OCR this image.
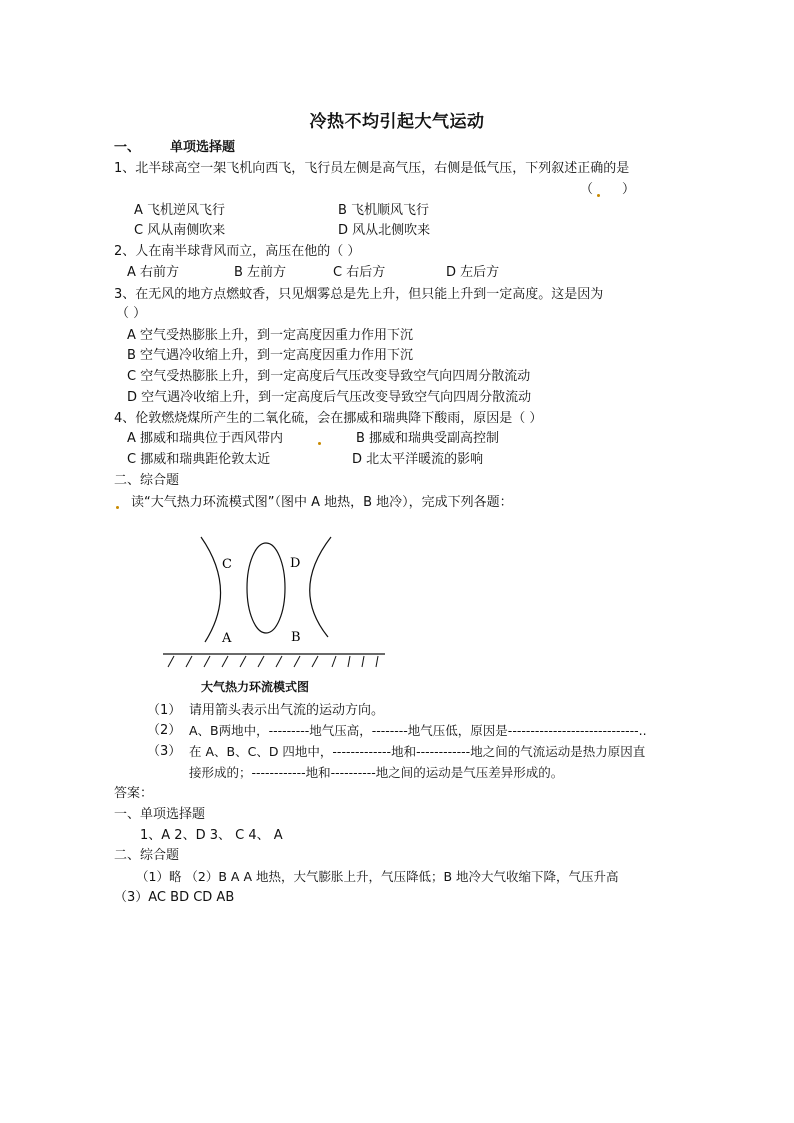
冷热不均引起大气运动
一、 单项选择题
1、北半球高空一架飞机向西飞，飞行员左侧是高气压，右侧是低气压，下列叙述正确的是
（ ）
A 飞机逆风飞行	B 飞机顺风飞行
C 风从南侧吹来	D 风从北侧吹来
2、人在南半球背风而立，高压在他的（ ）
A 右前方	B 左前方	C 右后方	D 左后方
3、在无风的地方点燃蚊香，只见烟雾总是先上升，但只能上升到一定高度。这是因为
（ ）
A 空气受热膨胀上升，到一定高度因重力作用下沉
B 空气遇冷收缩上升，到一定高度因重力作用下沉
C 空气受热膨胀上升，到一定高度后气压改变导致空气向四周分散流动
D 空气遇冷收缩上升，到一定高度后气压改变导致空气向四周分散流动
4、伦敦燃烧煤所产生的二氧化硫，会在挪威和瑞典降下酸雨，原因是（ ）
A 挪威和瑞典位于西风带内	B 挪威和瑞典受副高控制
C 挪威和瑞典距伦敦太近	D 北太平洋暖流的影响
二、综合题
读“大气热力环流模式图”（图中 A 地热，B 地冷），完成下列各题：
C	D
A	B
大气热力环流模式图
（1） 请用箭头表示出气流的运动方向。
（2） A、B两地中，---------地气压高，--------地气压低，原因是-----------------------------..
（3） 在 A、B、C、D 四地中，-------------地和------------地之间的气流运动是热力原因直
接形成的；------------地和----------地之间的运动是气压差异形成的。
答案：
一、单项选择题
1、A 2、D 3、 C 4、 A
二、综合题
（1）略 （2）B A A 地热，大气膨胀上升，气压降低；B 地冷大气收缩下降，气压升高
（3）AC BD CD AB
